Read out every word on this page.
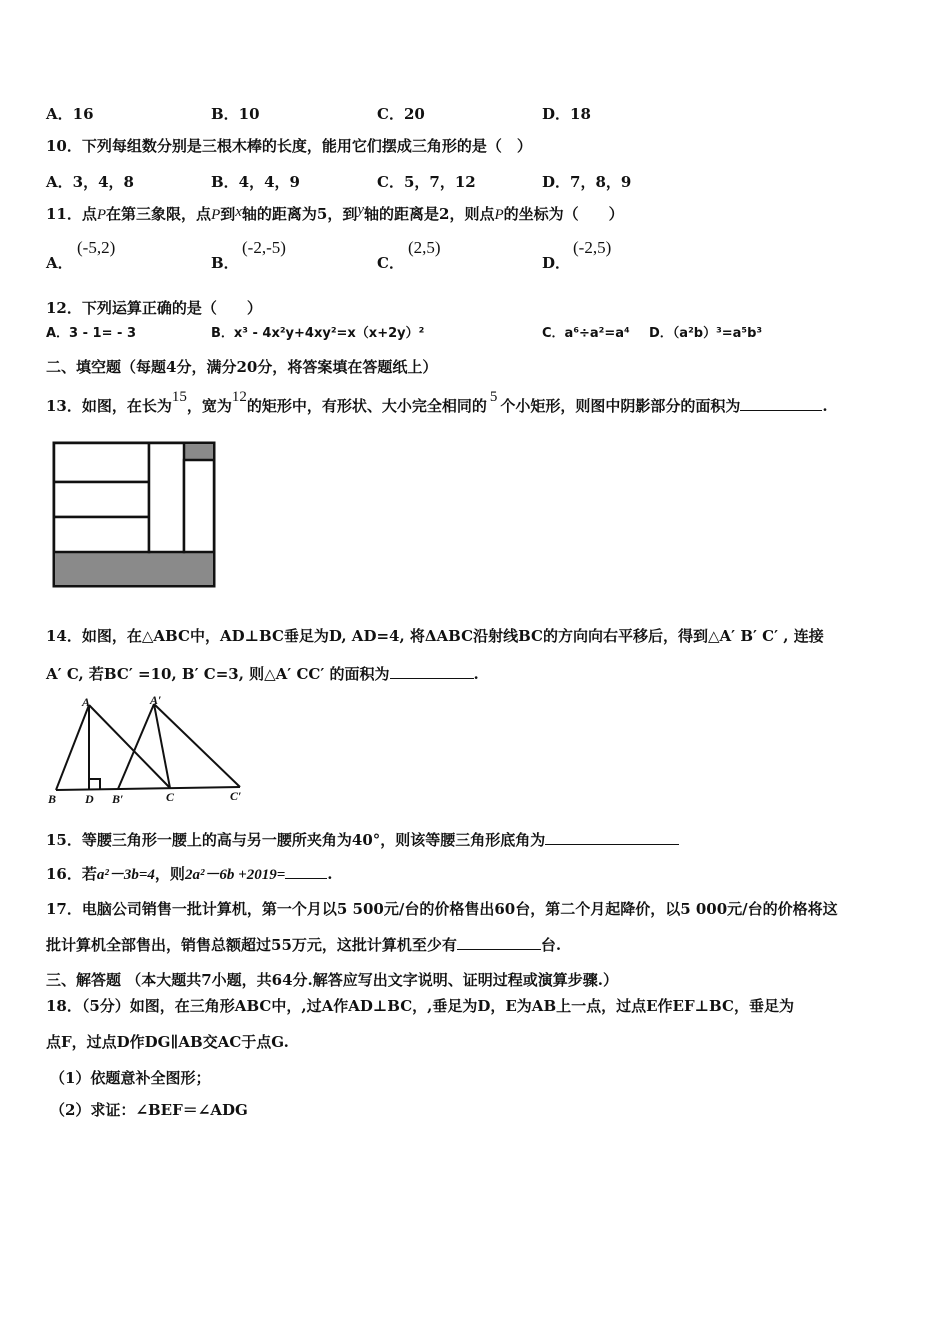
A．16	B．10	C．20	D．18
10．下列每组数分别是三根木棒的长度，能用它们摆成三角形的是（　）
A．3，4，8	B．4，4，9	C．5，7，12	D．7，8，9
11．点P在第三象限，点P到x轴的距离为5，到y轴的距离是2，则点P的坐标为（　　）
A．
(-5,2)
B．
(-2,-5)
C．
(2,5)
D．
(-2,5)
12．下列运算正确的是（　　）
A．3 - 1= - 3	B．x³ - 4x²y+4xy²=x（x+2y）²	C．a⁶÷a²=a⁴ D．（a²b）³=a⁵b³
二、填空题（每题4分，满分20分，将答案填在答题纸上）
13．如图，在长为15，宽为12的矩形中，有形状、大小完全相同的 5 个小矩形，则图中阴影部分的面积为	.
14．如图，在△ABC中，AD⊥BC垂足为D, AD=4, 将ΔABC沿射线BC的方向向右平移后，得到△A′ B′ C′ , 连接
A′ C, 若BC′ =10, B′ C=3, 则△A′ CC′ 的面积为	.
A	A′
B D B′	C	C′
15．等腰三角形一腰上的高与另一腰所夹角为40°，则该等腰三角形底角为
16．若a²－3b=4，则2a²－6b +2019=	.
17．电脑公司销售一批计算机，第一个月以5 500元/台的价格售出60台，第二个月起降价，以5 000元/台的价格将这
批计算机全部售出，销售总额超过55万元，这批计算机至少有	台.
三、解答题 （本大题共7小题，共64分.解答应写出文字说明、证明过程或演算步骤.）
18．（5分）如图，在三角形ABC中，,过A作AD⊥BC，,垂足为D，E为AB上一点，过点E作EF⊥BC，垂足为
点F，过点D作DG∥AB交AC于点G.
（1）依题意补全图形；
（2）求证：∠BEF＝∠ADG
